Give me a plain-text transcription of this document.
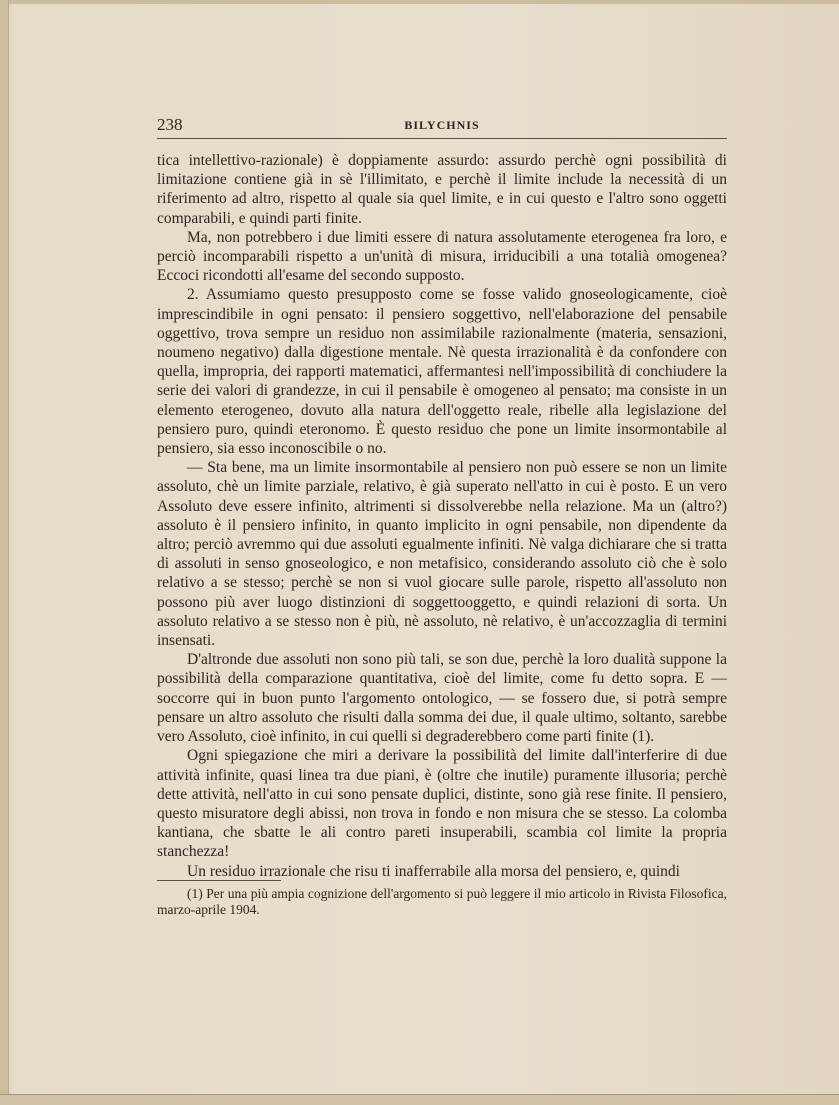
238	BILYCHNIS

tica intellettivo-razionale) è doppiamente assurdo: assurdo perchè ogni possibilità di limitazione contiene già in sè l'illimitato, e perchè il limite include la necessità di un riferimento ad altro, rispetto al quale sia quel limite, e in cui questo e l'altro sono oggetti comparabili, e quindi parti finite.

Ma, non potrebbero i due limiti essere di natura assolutamente eterogenea fra loro, e perciò incomparabili rispetto a un'unità di misura, irriducibili a una totalià omogenea? Eccoci ricondotti all'esame del secondo supposto.

2. Assumiamo questo presupposto come se fosse valido gnoseologicamente, cioè imprescindibile in ogni pensato: il pensiero soggettivo, nell'elaborazione del pensabile oggettivo, trova sempre un residuo non assimilabile razionalmente (materia, sensazioni, noumeno negativo) dalla digestione mentale. Nè questa irrazionalità è da confondere con quella, impropria, dei rapporti matematici, affermantesi nell'impossibilità di conchiudere la serie dei valori di grandezze, in cui il pensabile è omogeneo al pensato; ma consiste in un elemento eterogeneo, dovuto alla natura dell'oggetto reale, ribelle alla legislazione del pensiero puro, quindi eteronomo. È questo residuo che pone un limite insormontabile al pensiero, sia esso inconoscibile o no.

— Sta bene, ma un limite insormontabile al pensiero non può essere se non un limite assoluto, chè un limite parziale, relativo, è già superato nell'atto in cui è posto. E un vero Assoluto deve essere infinito, altrimenti si dissolverebbe nella relazione. Ma un (altro?) assoluto è il pensiero infinito, in quanto implicito in ogni pensabile, non dipendente da altro; perciò avremmo qui due assoluti egualmente infiniti. Nè valga dichiarare che si tratta di assoluti in senso gnoseologico, e non metafisico, considerando assoluto ciò che è solo relativo a se stesso; perchè se non si vuol giocare sulle parole, rispetto all'assoluto non possono più aver luogo distinzioni di soggettooggetto, e quindi relazioni di sorta. Un assoluto relativo a se stesso non è più, nè assoluto, nè relativo, è un'accozzaglia di termini insensati.

D'altronde due assoluti non sono più tali, se son due, perchè la loro dualità suppone la possibilità della comparazione quantitativa, cioè del limite, come fu detto sopra. E — soccorre qui in buon punto l'argomento ontologico, — se fossero due, si potrà sempre pensare un altro assoluto che risulti dalla somma dei due, il quale ultimo, soltanto, sarebbe vero Assoluto, cioè infinito, in cui quelli si degraderebbero come parti finite (1).

Ogni spiegazione che miri a derivare la possibilità del limite dall'interferire di due attività infinite, quasi linea tra due piani, è (oltre che inutile) puramente illusoria; perchè dette attività, nell'atto in cui sono pensate duplici, distinte, sono già rese finite. Il pensiero, questo misuratore degli abissi, non trova in fondo e non misura che se stesso. La colomba kantiana, che sbatte le ali contro pareti insuperabili, scambia col limite la propria stanchezza!

Un residuo irrazionale che risu ti inafferrabile alla morsa del pensiero, e, quindi

(1) Per una più ampia cognizione dell'argomento si può leggere il mio articolo in Rivista Filosofica, marzo-aprile 1904.
